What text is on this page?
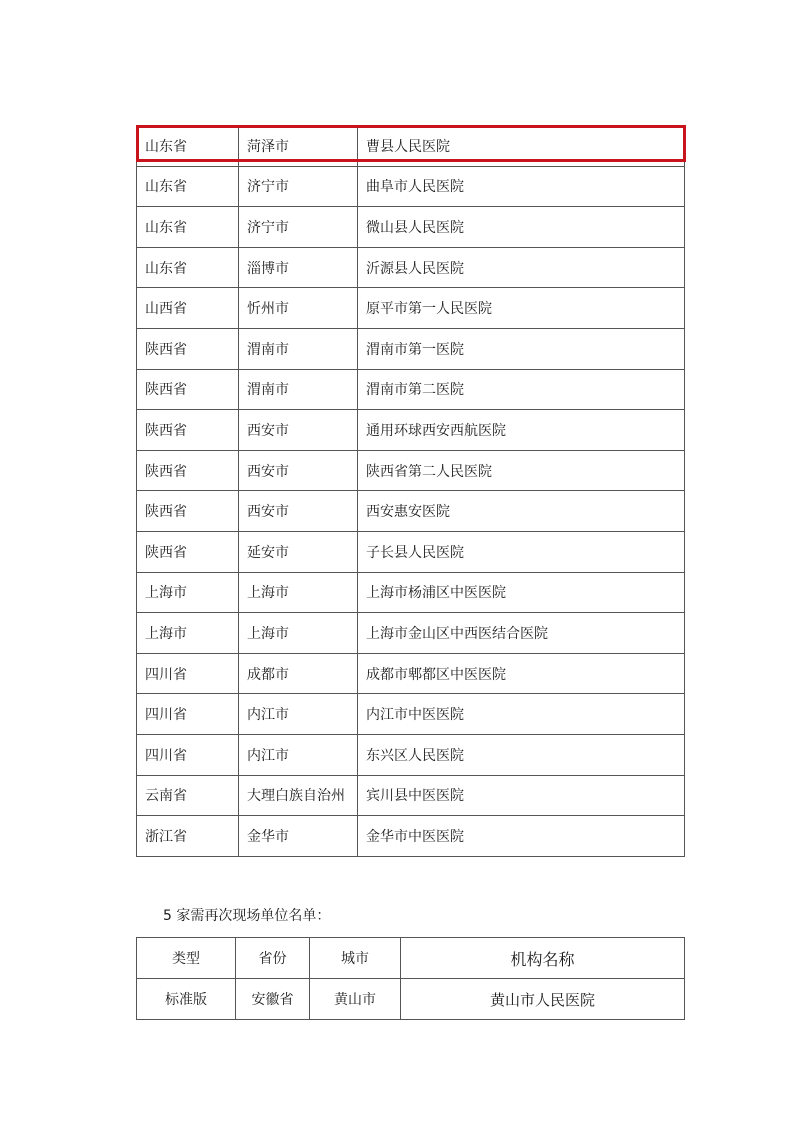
山东省	菏泽市	曹县人民医院
山东省	济宁市	曲阜市人民医院
山东省	济宁市	微山县人民医院
山东省	淄博市	沂源县人民医院
山西省	忻州市	原平市第一人民医院
陕西省	渭南市	渭南市第一医院
陕西省	渭南市	渭南市第二医院
陕西省	西安市	通用环球西安西航医院
陕西省	西安市	陕西省第二人民医院
陕西省	西安市	西安惠安医院
陕西省	延安市	子长县人民医院
上海市	上海市	上海市杨浦区中医医院
上海市	上海市	上海市金山区中西医结合医院
四川省	成都市	成都市郫都区中医医院
四川省	内江市	内江市中医医院
四川省	内江市	东兴区人民医院
云南省	大理白族自治州	宾川县中医医院
浙江省	金华市	金华市中医医院
5 家需再次现场单位名单：
类型	省份	城市	机构名称
标准版	安徽省	黄山市	黄山市人民医院
